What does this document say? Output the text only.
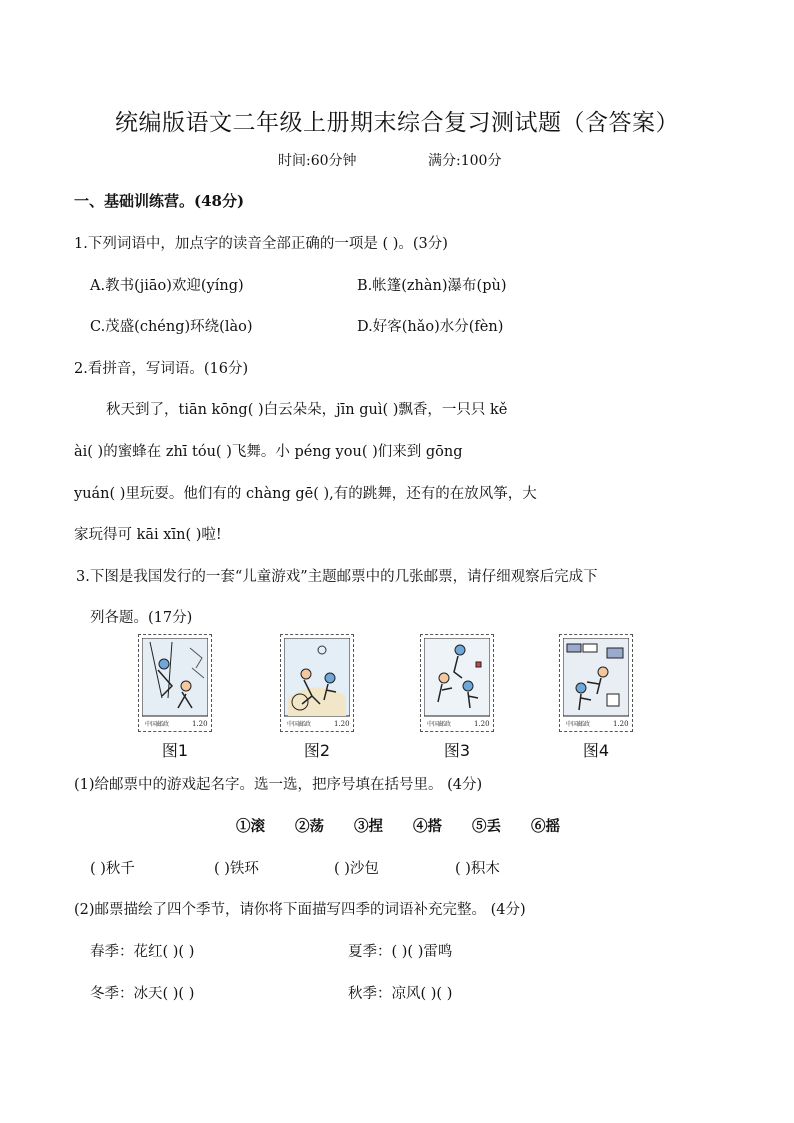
统编版语文二年级上册期末综合复习测试题（含答案）
时间:60分钟	满分:100分
一、基础训练营。(48分)
1.下列词语中，加点字的读音全部正确的一项是 ( )。(3分)
A.教书(jiāo)欢迎(yíng)	B.帐篷(zhàn)瀑布(pù)
C.茂盛(chéng)环绕(lào)	D.好客(hǎo)水分(fèn)
2.看拼音，写词语。(16分)
秋天到了，tiān kōng( )白云朵朵，jīn guì( )飘香，一只只 kě
ài( )的蜜蜂在 zhī tóu( )飞舞。小 péng you( )们来到 gōng
yuán( )里玩耍。他们有的 chàng gē( ),有的跳舞，还有的在放风筝，大
家玩得可 kāi xīn( )啦!
3.下图是我国发行的一套“儿童游戏”主题邮票中的几张邮票，请仔细观察后完成下
列各题。(17分)
中国邮政	1.20	中国邮政	1.20	中国邮政	1.20	中国邮政	1.20
图1	图2	图3	图4
(1)给邮票中的游戏起名字。选一选，把序号填在括号里。 (4分)
①滚 ②荡 ③捏 ④搭 ⑤丢 ⑥摇
( )秋千	( )铁环	( )沙包	( )积木
(2)邮票描绘了四个季节，请你将下面描写四季的词语补充完整。 (4分)
春季：花红( )( )	夏季：( )( )雷鸣
冬季：冰天( )( )	秋季：凉风( )( )
